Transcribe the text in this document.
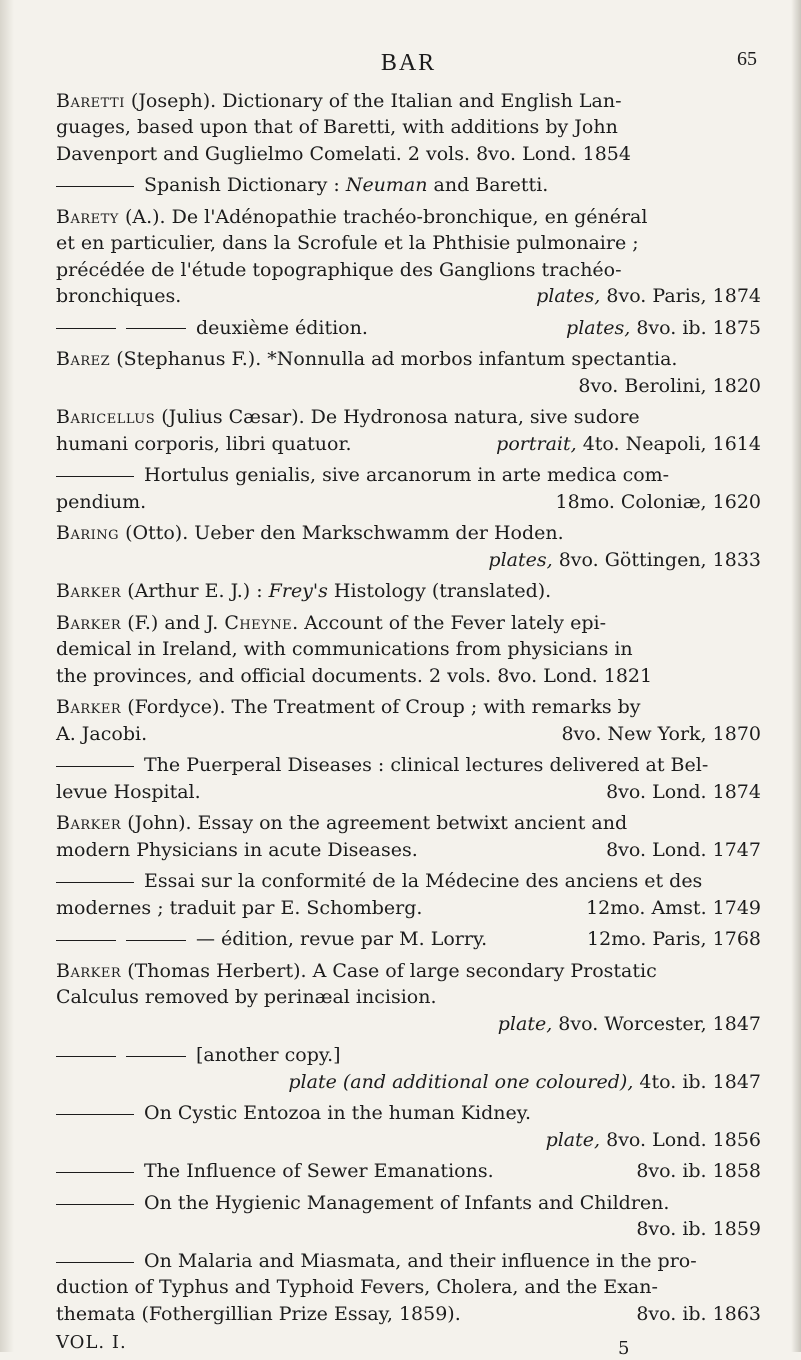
BAR	65
Baretti (Joseph). Dictionary of the Italian and English Lan-
guages, based upon that of Baretti, with additions by John
Davenport and Guglielmo Comelati. 2 vols. 8vo. Lond. 1854
Spanish Dictionary : Neuman and Baretti.
Barety (A.). De l'Adénopathie trachéo-bronchique, en général
et en particulier, dans la Scrofule et la Phthisie pulmonaire ;
précédée de l'étude topographique des Ganglions trachéo-
bronchiques.	plates, 8vo. Paris, 1874
deuxième édition.	plates, 8vo. ib. 1875
Barez (Stephanus F.). *Nonnulla ad morbos infantum spectantia.
8vo. Berolini, 1820
Baricellus (Julius Cæsar). De Hydronosa natura, sive sudore
humani corporis, libri quatuor.	portrait, 4to. Neapoli, 1614
Hortulus genialis, sive arcanorum in arte medica com-
pendium.	18mo. Coloniæ, 1620
Baring (Otto). Ueber den Markschwamm der Hoden.
plates, 8vo. Göttingen, 1833
Barker (Arthur E. J.) : Frey's Histology (translated).
Barker (F.) and J. Cheyne. Account of the Fever lately epi-
demical in Ireland, with communications from physicians in
the provinces, and official documents. 2 vols. 8vo. Lond. 1821
Barker (Fordyce). The Treatment of Croup ; with remarks by
A. Jacobi.	8vo. New York, 1870
The Puerperal Diseases : clinical lectures delivered at Bel-
levue Hospital.	8vo. Lond. 1874
Barker (John). Essay on the agreement betwixt ancient and
modern Physicians in acute Diseases.	8vo. Lond. 1747
Essai sur la conformité de la Médecine des anciens et des
modernes ; traduit par E. Schomberg.	12mo. Amst. 1749
— édition, revue par M. Lorry.	12mo. Paris, 1768
Barker (Thomas Herbert). A Case of large secondary Prostatic
Calculus removed by perinæal incision.
plate, 8vo. Worcester, 1847
[another copy.]
plate (and additional one coloured), 4to. ib. 1847
On Cystic Entozoa in the human Kidney.
plate, 8vo. Lond. 1856
The Influence of Sewer Emanations.	8vo. ib. 1858
On the Hygienic Management of Infants and Children.
8vo. ib. 1859
On Malaria and Miasmata, and their influence in the pro-
duction of Typhus and Typhoid Fevers, Cholera, and the Exan-
themata (Fothergillian Prize Essay, 1859).	8vo. ib. 1863
VOL. I.	5
